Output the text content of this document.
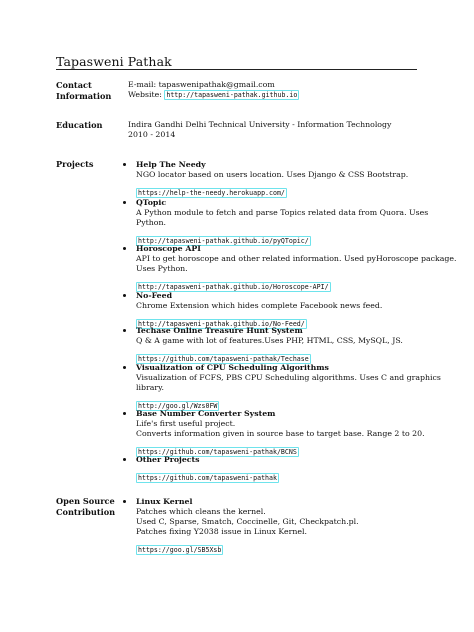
Tapasweni Pathak
Contact
Information
E-mail: tapasweni​pathak@gmail.com
Website: http://tapasweni-pathak.github.io
Education	Indira Gandhi Delhi Technical University - Information Technology
2010 - 2014
Projects	Help The Needy
NGO locator based on users location. Uses Django & CSS Bootstrap.
https://help-the-needy.herokuapp.com/
QTopic
A Python module to fetch and parse Topics related data from Quora. Uses
Python.
http://tapasweni-pathak.github.io/pyQTopic/
Horoscope API
API to get horoscope and other related information. Used pyHoroscope package.
Uses Python.
http://tapasweni-pathak.github.io/Horoscope-API/
No-Feed
Chrome Extension which hides complete Facebook news feed.
http://tapasweni-pathak.github.io/No-Feed/
Techase Online Treasure Hunt System
Q & A game with lot of features.Uses PHP, HTML, CSS, MySQL, JS.
https://github.com/tapasweni-pathak/Techase
Visualization of CPU Scheduling Algorithms
Visualization of FCFS, PBS CPU Scheduling algorithms. Uses C and graphics
library.
http://goo.gl/Wzs0FW
Base Number Converter System
Life's first useful project.
Converts information given in source base to target base. Range 2 to 20.
https://github.com/tapasweni-pathak/BCNS
Other Projects
https://github.com/tapasweni-pathak
Open Source
Contribution
Linux Kernel
Patches which cleans the kernel.
Used C, Sparse, Smatch, Coccinelle, Git, Checkpatch.pl.
Patches fixing Y2038 issue in Linux Kernel.
https://goo.gl/SB5Xsb
